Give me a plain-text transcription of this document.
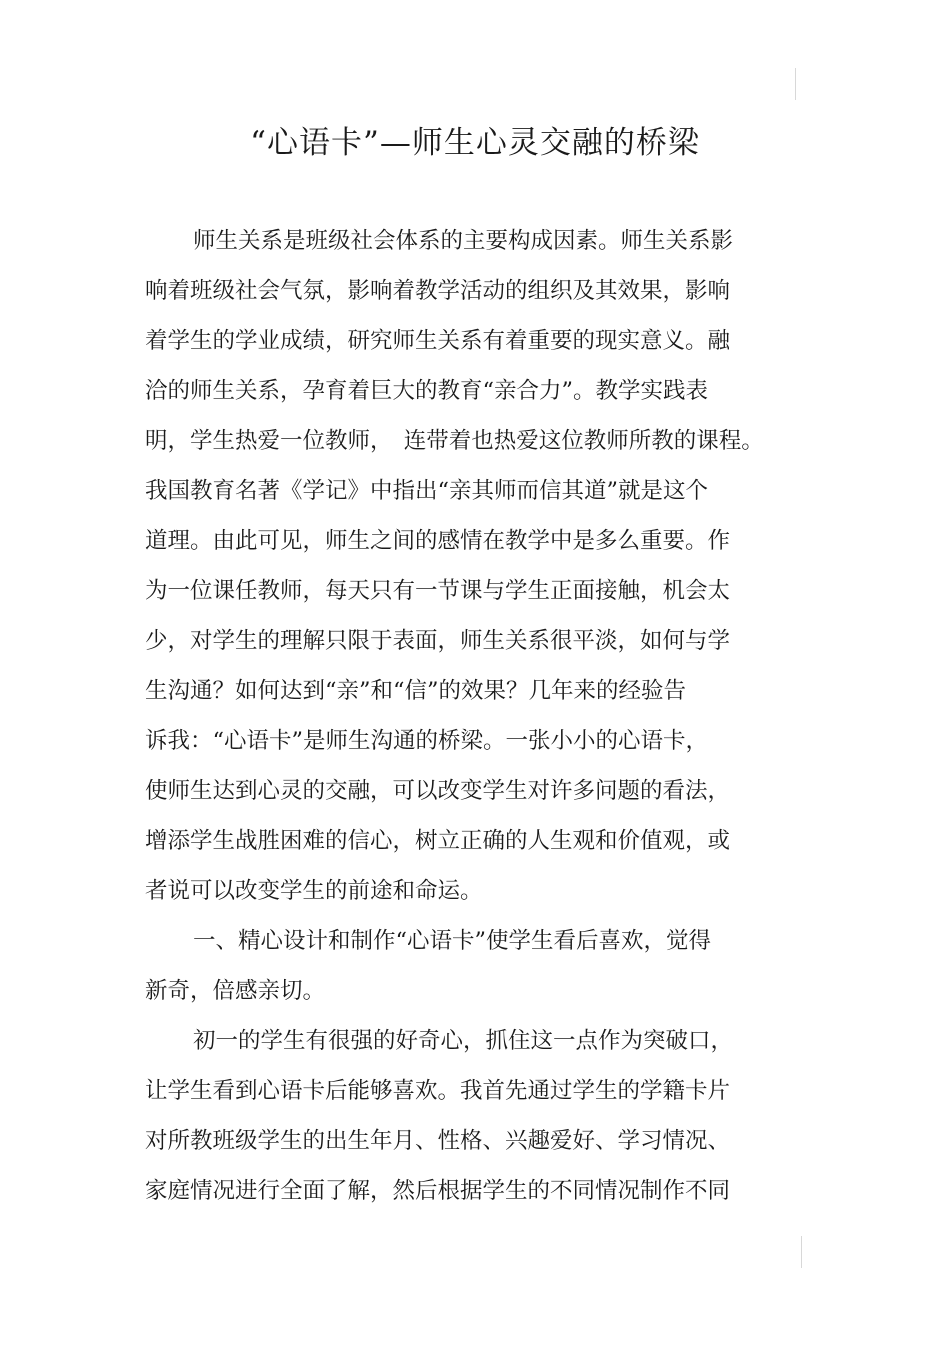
“心语卡”—师生心灵交融的桥梁
师生关系是班级社会体系的主要构成因素。师生关系影
响着班级社会气氛，影响着教学活动的组织及其效果，影响
着学生的学业成绩，研究师生关系有着重要的现实意义。融
洽的师生关系，孕育着巨大的教育“亲合力”。教学实践表
明，学生热爱一位教师，　连带着也热爱这位教师所教的课程。
我国教育名著《学记》中指出“亲其师而信其道”就是这个
道理。由此可见，师生之间的感情在教学中是多么重要。作
为一位课任教师，每天只有一节课与学生正面接触，机会太
少，对学生的理解只限于表面，师生关系很平淡，如何与学
生沟通？如何达到“亲”和“信”的效果？几年来的经验告
诉我：“心语卡”是师生沟通的桥梁。一张小小的心语卡，
使师生达到心灵的交融，可以改变学生对许多问题的看法，
增添学生战胜困难的信心，树立正确的人生观和价值观，或
者说可以改变学生的前途和命运。
一、精心设计和制作“心语卡”使学生看后喜欢，觉得
新奇，倍感亲切。
初一的学生有很强的好奇心，抓住这一点作为突破口，
让学生看到心语卡后能够喜欢。我首先通过学生的学籍卡片
对所教班级学生的出生年月、性格、兴趣爱好、学习情况、
家庭情况进行全面了解，然后根据学生的不同情况制作不同
